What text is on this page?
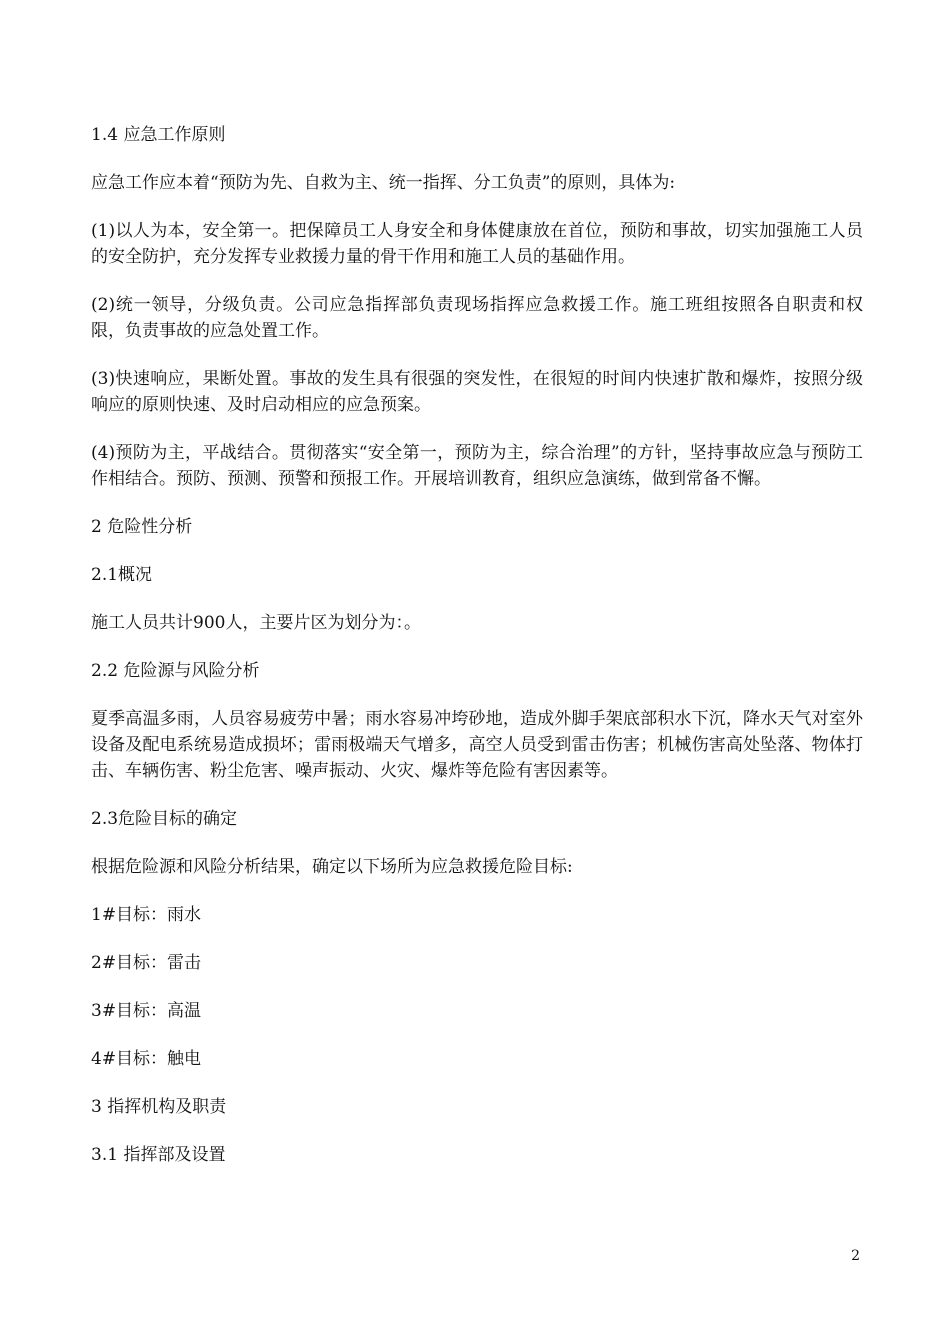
1.4 应急工作原则

应急工作应本着“预防为先、自救为主、统一指挥、分工负责”的原则，具体为:

(1)以人为本，安全第一。把保障员工人身安全和身体健康放在首位，预防和事故，切实加强施工人员的安全防护，充分发挥专业救援力量的骨干作用和施工人员的基础作用。

(2)统一领导，分级负责。公司应急指挥部负责现场指挥应急救援工作。施工班组按照各自职责和权限，负责事故的应急处置工作。

(3)快速响应，果断处置。事故的发生具有很强的突发性，在很短的时间内快速扩散和爆炸，按照分级响应的原则快速、及时启动相应的应急预案。

(4)预防为主，平战结合。贯彻落实“安全第一，预防为主，综合治理”的方针，坚持事故应急与预防工作相结合。预防、预测、预警和预报工作。开展培训教育，组织应急演练，做到常备不懈。

2 危险性分析

2.1概况

施工人员共计900人，主要片区为划分为：。

2.2 危险源与风险分析

夏季高温多雨，人员容易疲劳中暑；雨水容易冲垮砂地，造成外脚手架底部积水下沉，降水天气对室外设备及配电系统易造成损坏；雷雨极端天气增多，高空人员受到雷击伤害；机械伤害高处坠落、物体打击、车辆伤害、粉尘危害、噪声振动、火灾、爆炸等危险有害因素等。

2.3危险目标的确定

根据危险源和风险分析结果，确定以下场所为应急救援危险目标:

1#目标：雨水

2#目标：雷击

3#目标：高温

4#目标：触电

3 指挥机构及职责

3.1 指挥部及设置

2
